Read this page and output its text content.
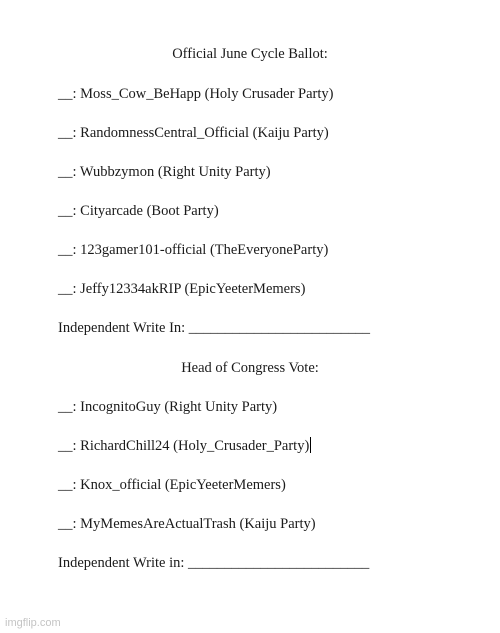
Official June Cycle Ballot:
__: Moss_Cow_BeHapp (Holy Crusader Party)
__: RandomnessCentral_Official (Kaiju Party)
__: Wubbzymon (Right Unity Party)
__: Cityarcade (Boot Party)
__: 123gamer101-official (TheEveryoneParty)
__: Jeffy12334akRIP (EpicYeeterMemers)
Independent Write In: _________________________
Head of Congress Vote:
__: IncognitoGuy (Right Unity Party)
__: RichardChill24 (Holy_Crusader_Party)
__: Knox_official (EpicYeeterMemers)
__: MyMemesAreActualTrash (Kaiju Party)
Independent Write in: _________________________
imgflip.com
